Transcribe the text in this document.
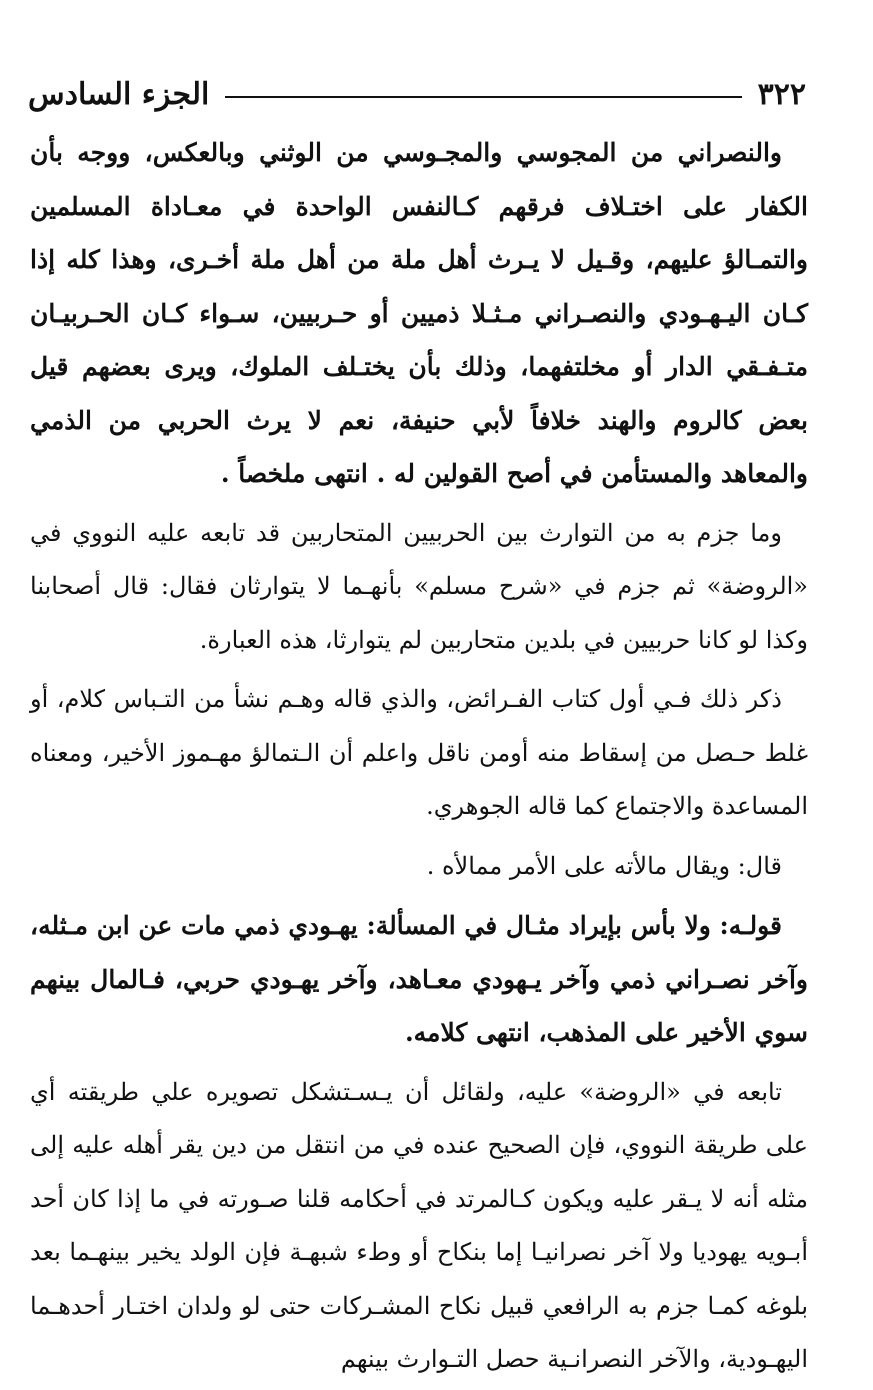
٣٢٢
الجزء السادس

والنصراني من المجوسي والمجـوسي من الوثني وبالعكس، ووجه بأن الكفار على اختـلاف فرقهم كـالنفس الواحدة في معـاداة المسلمين والتمـالؤ عليهم، وقـيل لا يـرث أهل ملة من أهل ملة أخـرى، وهذا كله إذا كـان اليـهـودي والنصـراني مـثـلا ذميين أو حـربيين، سـواء كـان الحـربيـان متـفـقي الدار أو مخلتفهما، وذلك بأن يختـلف الملوك، ويرى بعضهم قيل بعض كالروم والهند خلافاً لأبي حنيفة، نعم لا يرث الحربي من الذمي والمعاهد والمستأمن في أصح القولين له . انتهى ملخصاً .

وما جزم به من التوارث بين الحربيين المتحاربين قد تابعه عليه النووي في «الروضة» ثم جزم في «شرح مسلم» بأنهـما لا يتوارثان فقال: قال أصحابنا وكذا لو كانا حربيين في بلدين متحاربين لم يتوارثا، هذه العبارة.

ذكر ذلك فـي أول كتاب الفـرائض، والذي قاله وهـم نشأ من التـباس كلام، أو غلط حـصل من إسقاط منه أومن ناقل واعلم أن الـتمالؤ مهـموز الأخير، ومعناه المساعدة والاجتماع كما قاله الجوهري.

قال: ويقال مالأته على الأمر ممالأه .

قولـه: ولا بأس بإيراد مثـال في المسألة: يهـودي ذمي مات عن ابن مـثله، وآخر نصـراني ذمي وآخر يـهودي معـاهد، وآخر يهـودي حربي، فـالمال بينهم سوي الأخير على المذهب، انتهى كلامه.

تابعه في «الروضة» عليه، ولقائل أن يـسـتشكل تصويره علي طريقته أي على طريقة النووي، فإن الصحيح عنده في من انتقل من دين يقر أهله عليه إلى مثله أنه لا يـقر عليه ويكون كـالمرتد في أحكامه قلنا صـورته في ما إذا كان أحد أبـويه يهوديا ولا آخر نصرانيـا إما بنكاح أو وطء شبهـة فإن الولد يخير بينهـما بعد بلوغه كمـا جزم به الرافعي قبيل نكاح المشـركات حتى لو ولدان اختـار أحدهـما اليهـودية، والآخر النصرانـية حصل التـوارث بينهم
